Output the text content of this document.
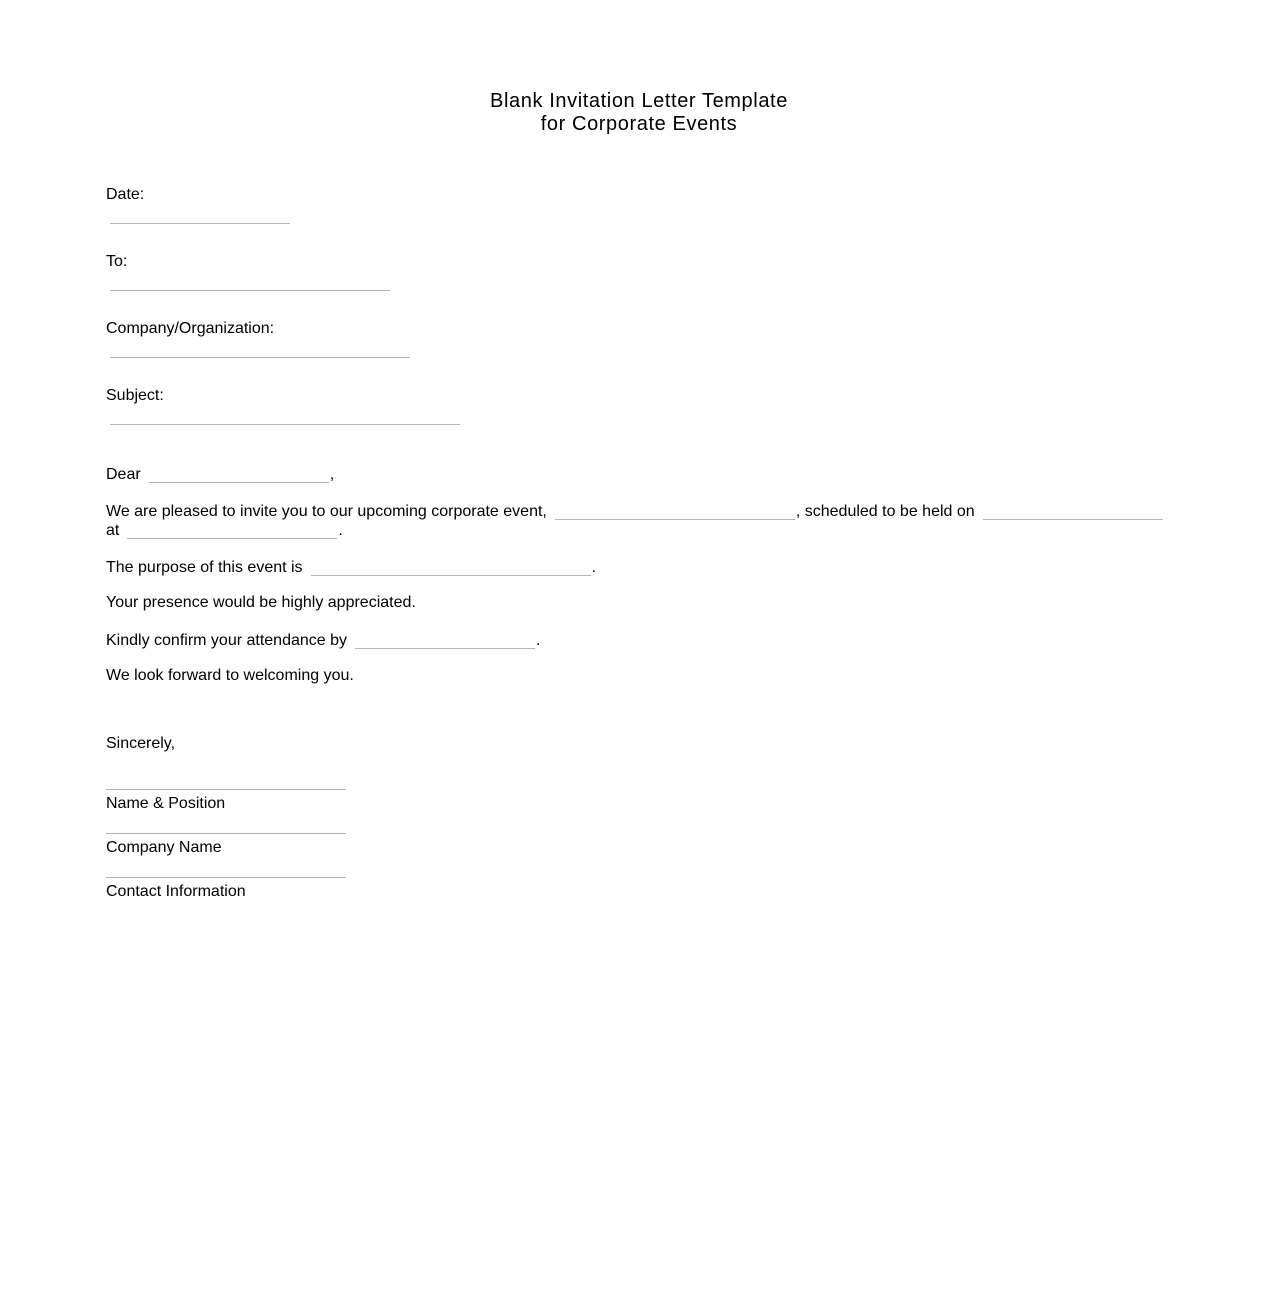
Blank Invitation Letter Template
for Corporate Events
Date:
To:
Company/Organization:
Subject:
Dear	,
We are pleased to invite you to our upcoming corporate event,	, scheduled to be held on
at	.
The purpose of this event is	.
Your presence would be highly appreciated.
Kindly confirm your attendance by	.
We look forward to welcoming you.
Sincerely,
Name & Position
Company Name
Contact Information
